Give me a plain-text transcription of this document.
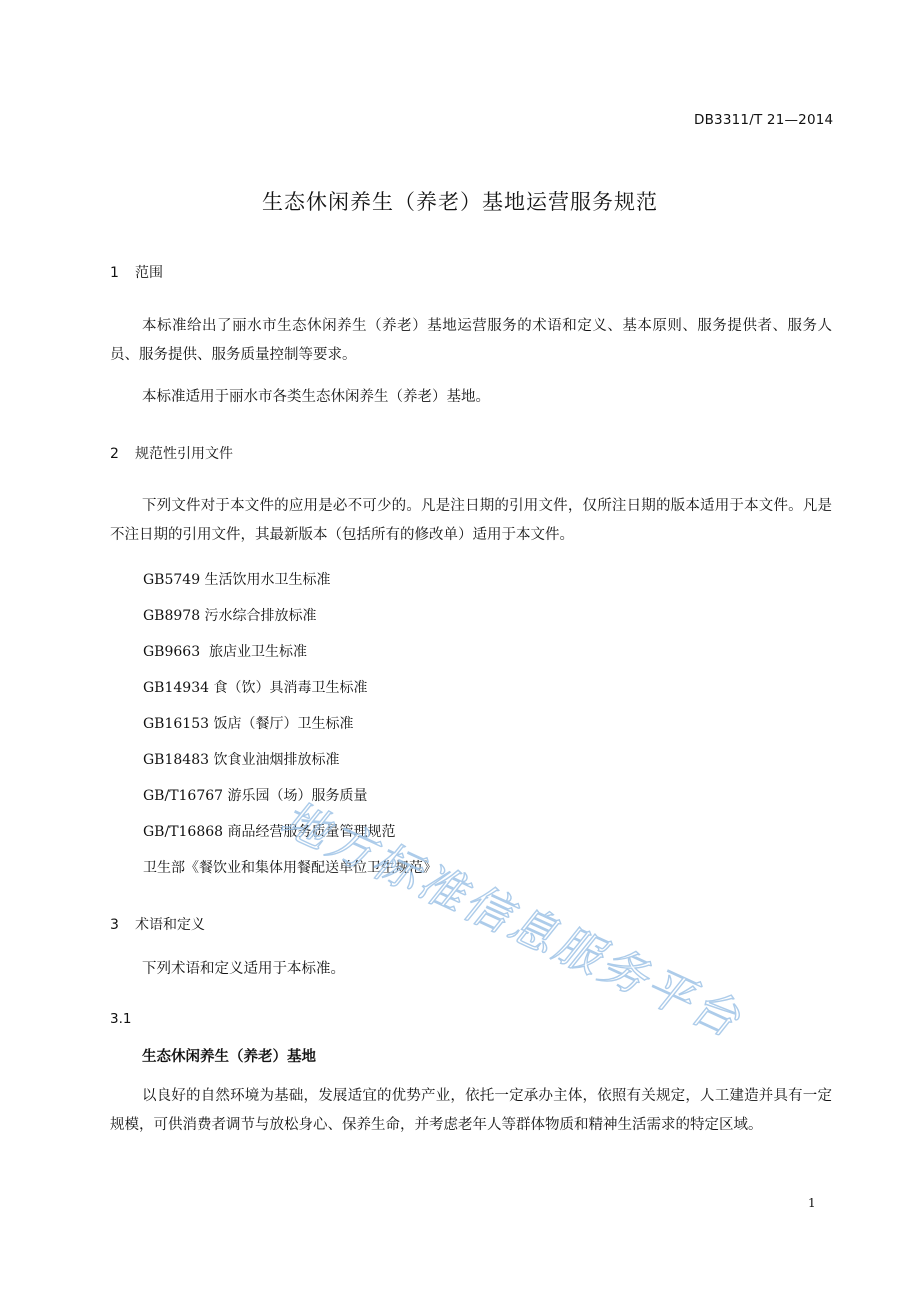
DB3311/T 21—2014
生态休闲养生（养老）基地运营服务规范
1 范围
本标准给出了丽水市生态休闲养生（养老）基地运营服务的术语和定义、基本原则、服务提供者、服务人员、服务提供、服务质量控制等要求。
本标准适用于丽水市各类生态休闲养生（养老）基地。
2 规范性引用文件
下列文件对于本文件的应用是必不可少的。凡是注日期的引用文件，仅所注日期的版本适用于本文件。凡是不注日期的引用文件，其最新版本（包括所有的修改单）适用于本文件。
GB5749 生活饮用水卫生标准
GB8978 污水综合排放标准
GB9663  旅店业卫生标准
GB14934 食（饮）具消毒卫生标准
GB16153 饭店（餐厅）卫生标准
GB18483 饮食业油烟排放标准
GB/T16767 游乐园（场）服务质量
GB/T16868 商品经营服务质量管理规范
卫生部《餐饮业和集体用餐配送单位卫生规范》
3 术语和定义
下列术语和定义适用于本标准。
3.1
生态休闲养生（养老）基地
以良好的自然环境为基础，发展适宜的优势产业，依托一定承办主体，依照有关规定，人工建造并具有一定规模，可供消费者调节与放松身心、保养生命，并考虑老年人等群体物质和精神生活需求的特定区域。
地方标准信息服务平台
1
